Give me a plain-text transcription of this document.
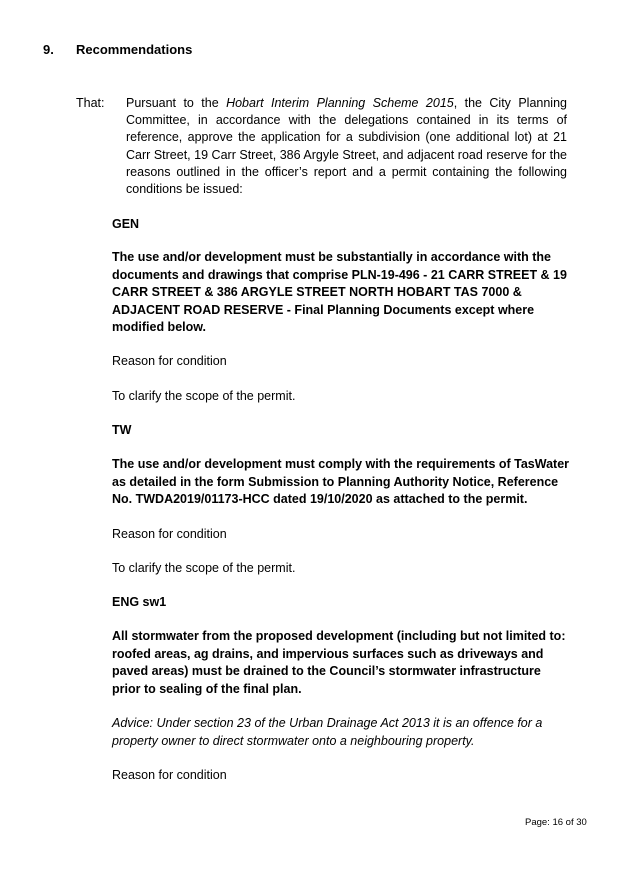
9. Recommendations
That: Pursuant to the Hobart Interim Planning Scheme 2015, the City Planning Committee, in accordance with the delegations contained in its terms of reference, approve the application for a subdivision (one additional lot) at 21 Carr Street, 19 Carr Street, 386 Argyle Street, and adjacent road reserve for the reasons outlined in the officer’s report and a permit containing the following conditions be issued:

GEN

The use and/or development must be substantially in accordance with the documents and drawings that comprise PLN-19-496 - 21 CARR STREET & 19 CARR STREET & 386 ARGYLE STREET NORTH HOBART TAS 7000 & ADJACENT ROAD RESERVE - Final Planning Documents except where modified below.

Reason for condition

To clarify the scope of the permit.

TW

The use and/or development must comply with the requirements of TasWater as detailed in the form Submission to Planning Authority Notice, Reference No. TWDA2019/01173-HCC dated 19/10/2020 as attached to the permit.

Reason for condition

To clarify the scope of the permit.

ENG sw1

All stormwater from the proposed development (including but not limited to: roofed areas, ag drains, and impervious surfaces such as driveways and paved areas) must be drained to the Council’s stormwater infrastructure prior to sealing of the final plan.

Advice: Under section 23 of the Urban Drainage Act 2013 it is an offence for a property owner to direct stormwater onto a neighbouring property.

Reason for condition

Page: 16 of 30
